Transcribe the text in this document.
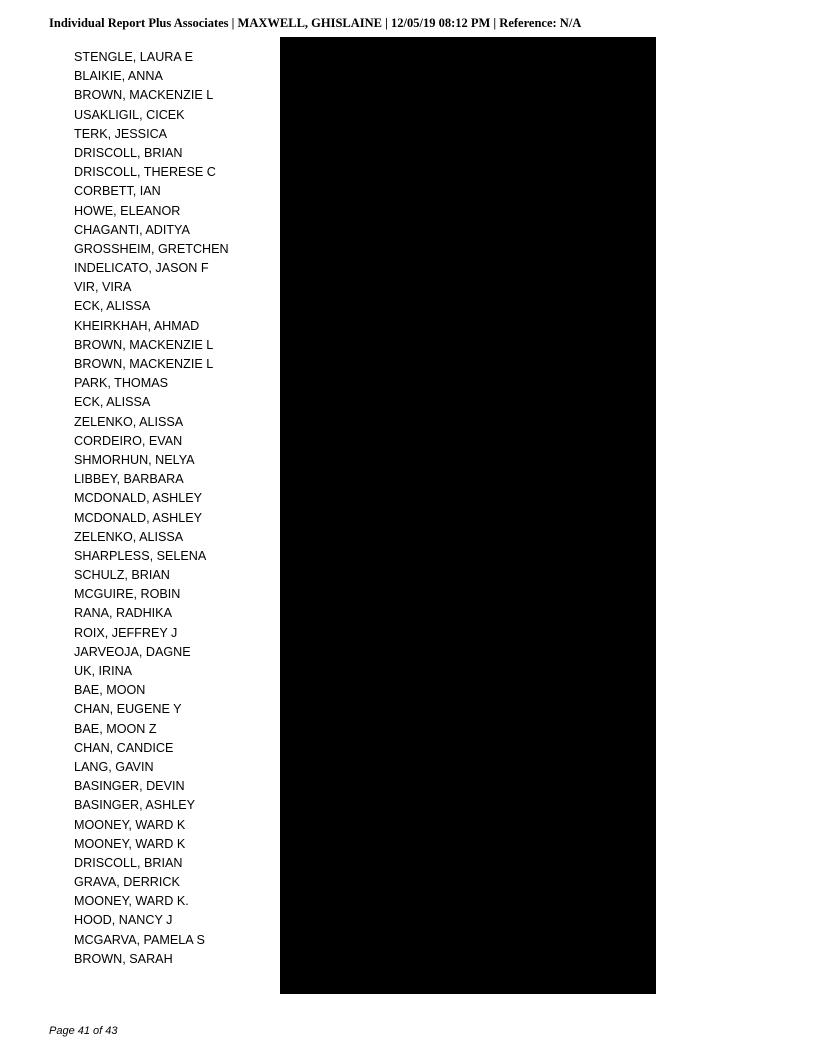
Individual Report Plus Associates | MAXWELL, GHISLAINE | 12/05/19 08:12 PM | Reference: N/A
STENGLE, LAURA E
BLAIKIE, ANNA
BROWN, MACKENZIE L
USAKLIGIL, CICEK
TERK, JESSICA
DRISCOLL, BRIAN
DRISCOLL, THERESE C
CORBETT, IAN
HOWE, ELEANOR
CHAGANTI, ADITYA
GROSSHEIM, GRETCHEN
INDELICATO, JASON F
VIR, VIRA
ECK, ALISSA
KHEIRKHAH, AHMAD
BROWN, MACKENZIE L
BROWN, MACKENZIE L
PARK, THOMAS
ECK, ALISSA
ZELENKO, ALISSA
CORDEIRO, EVAN
SHMORHUN, NELYA
LIBBEY, BARBARA
MCDONALD, ASHLEY
MCDONALD, ASHLEY
ZELENKO, ALISSA
SHARPLESS, SELENA
SCHULZ, BRIAN
MCGUIRE, ROBIN
RANA, RADHIKA
ROIX, JEFFREY J
JARVEOJA, DAGNE
UK, IRINA
BAE, MOON
CHAN, EUGENE Y
BAE, MOON Z
CHAN, CANDICE
LANG, GAVIN
BASINGER, DEVIN
BASINGER, ASHLEY
MOONEY, WARD K
MOONEY, WARD K
DRISCOLL, BRIAN
GRAVA, DERRICK
MOONEY, WARD K.
HOOD, NANCY J
MCGARVA, PAMELA S
BROWN, SARAH
Page 41 of 43
